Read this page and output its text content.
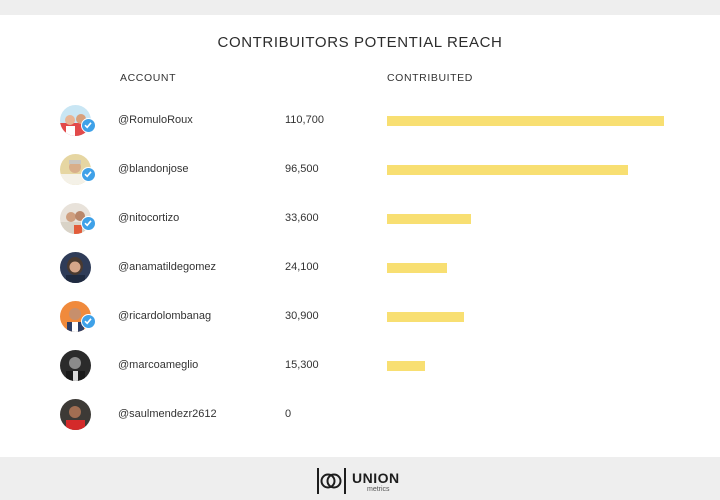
CONTRIBUITORS POTENTIAL REACH
ACCOUNT	CONTRIBUITED
@RomuloRoux	110,700
@blandonjose	96,500
@nitocortizo	33,600
@anamatildegomez	24,100
@ricardolombanag	30,900
@marcoameglio	15,300
@saulmendezr2612	0
UNION
metrics
